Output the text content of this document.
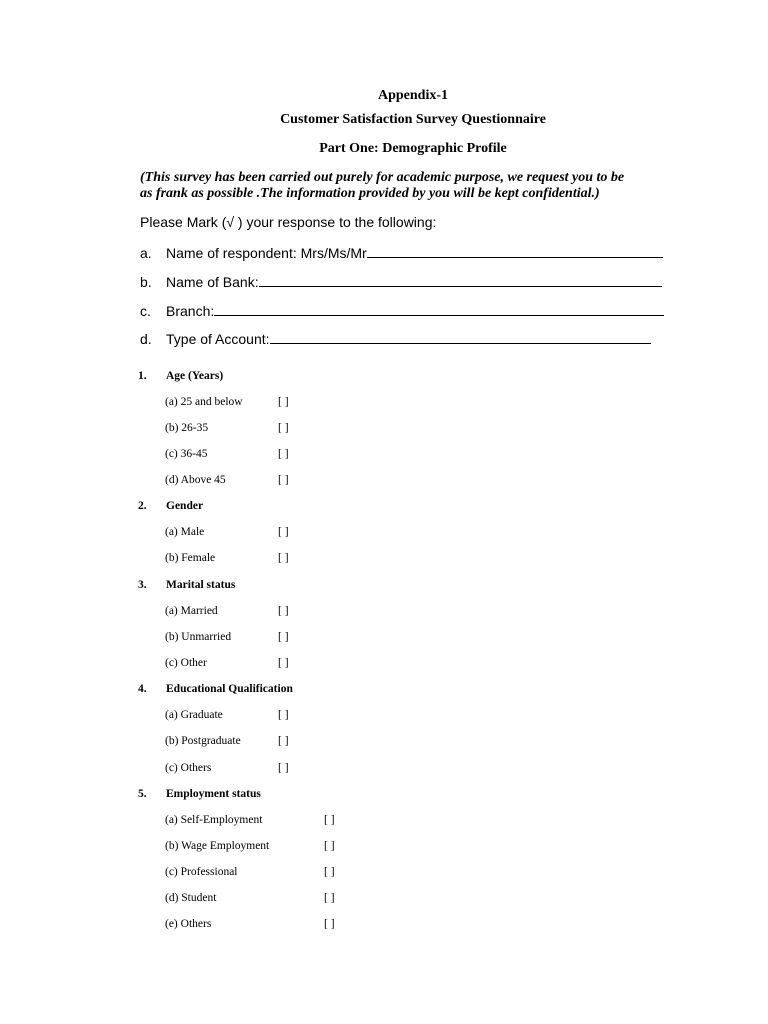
Appendix-1
Customer Satisfaction Survey Questionnaire
Part One: Demographic Profile
(This survey has been carried out purely for academic purpose, we request you to be
as frank as possible .The information provided by you will be kept confidential.)
Please Mark (√ ) your response to the following:
a. Name of respondent: Mrs/Ms/Mr
b. Name of Bank:
c. Branch:
d. Type of Account:
1. Age (Years)
(a) 25 and below	[ ]
(b) 26-35	[ ]
(c) 36-45	[ ]
(d) Above 45	[ ]
2. Gender
(a) Male	[ ]
(b) Female	[ ]
3. Marital status
(a) Married	[ ]
(b) Unmarried	[ ]
(c) Other	[ ]
4. Educational Qualification
(a) Graduate	[ ]
(b) Postgraduate	[ ]
(c) Others	[ ]
5. Employment status
(a) Self-Employment	[ ]
(b) Wage Employment	[ ]
(c) Professional	[ ]
(d) Student	[ ]
(e) Others	[ ]
